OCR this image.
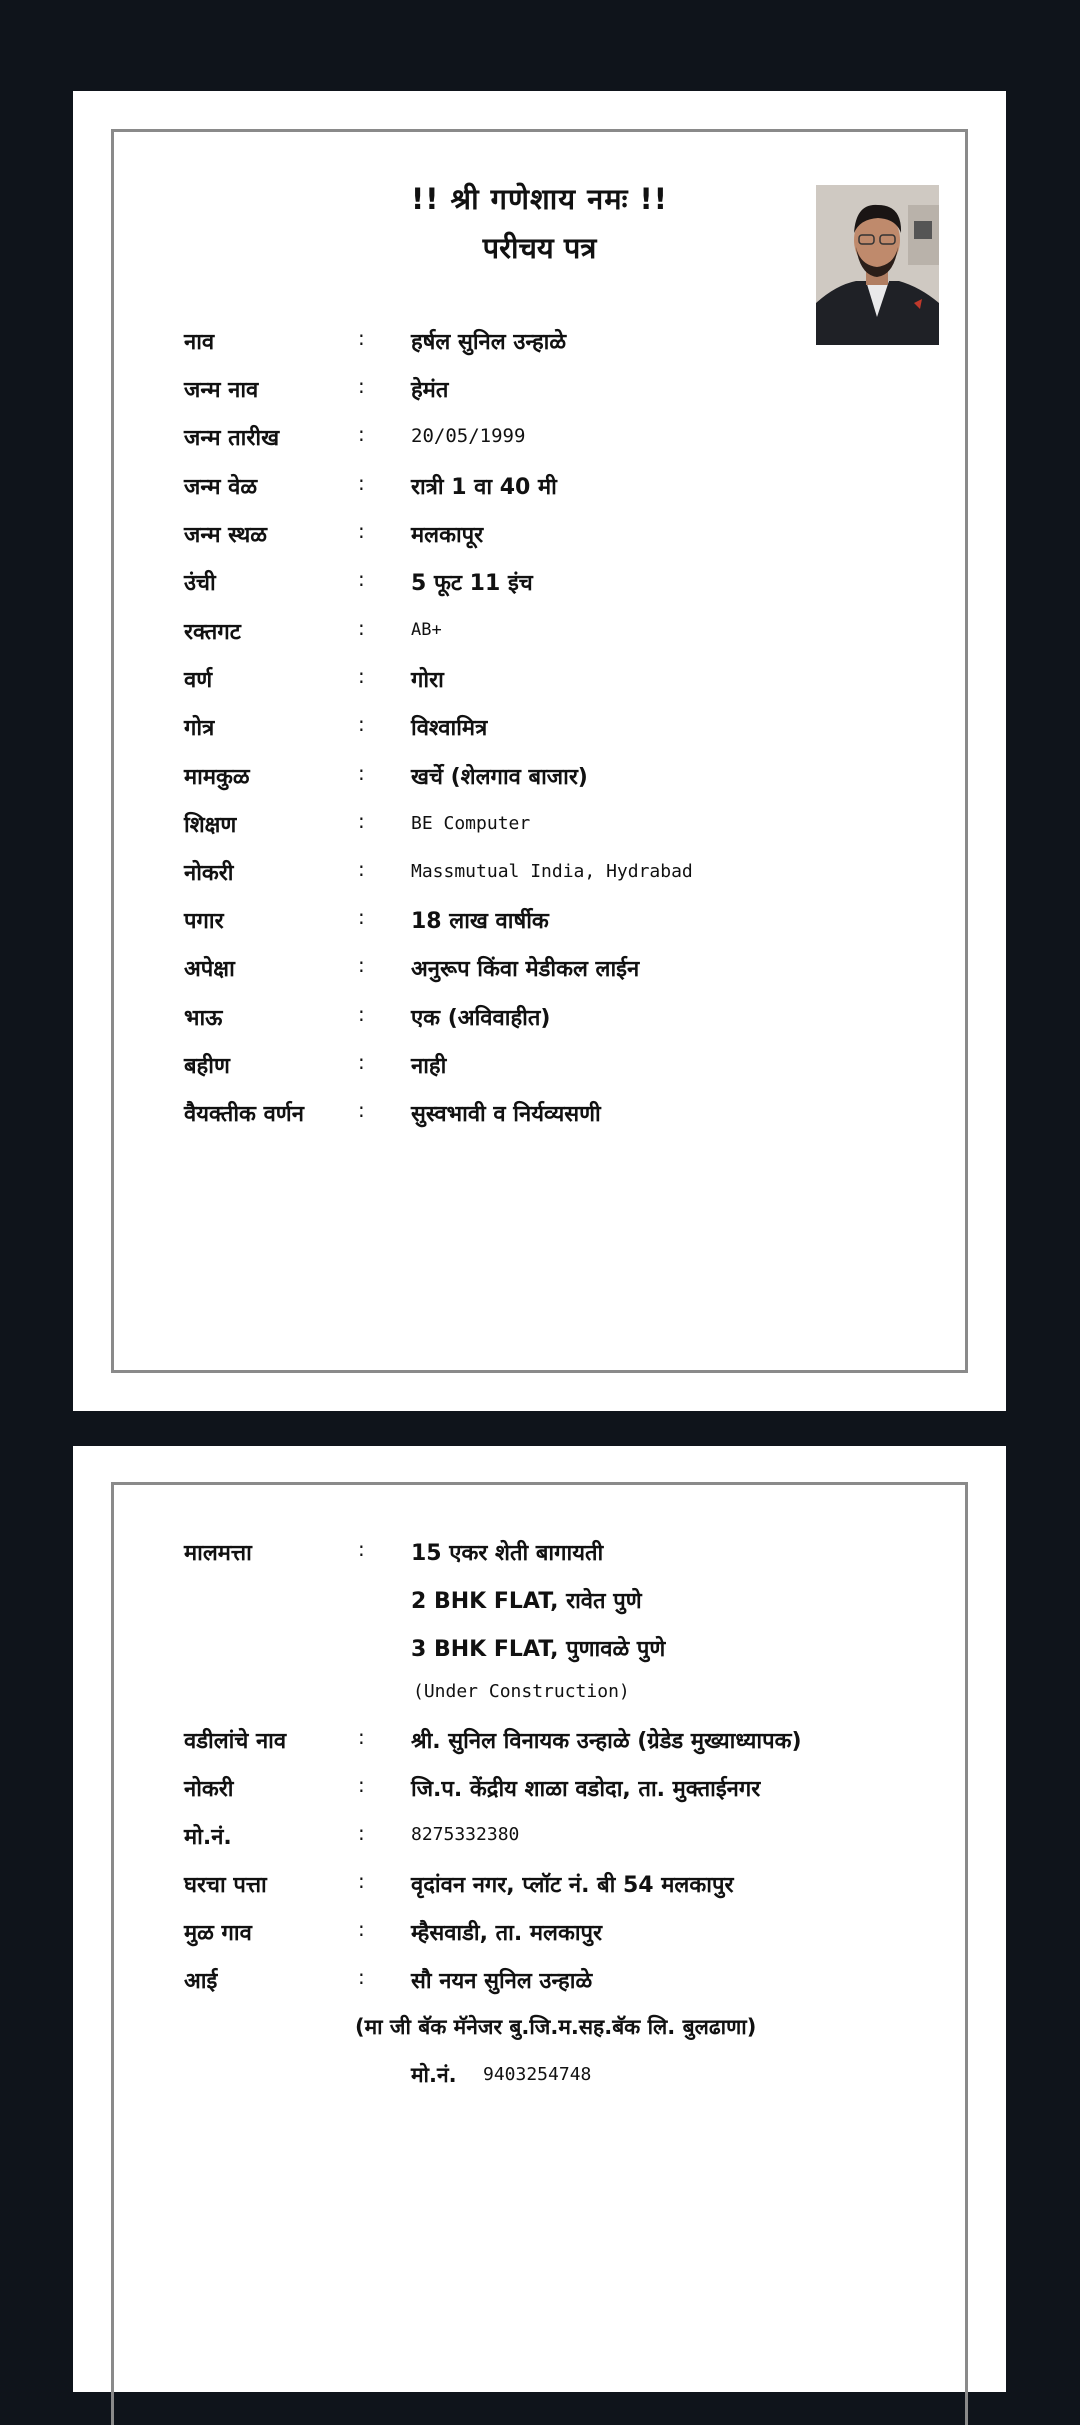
!! श्री गणेशाय नमः !!
परीचय पत्र
नाव	: हर्षल सुनिल उन्हाळे
जन्म नाव	: हेमंत
जन्म तारीख	: 20/05/1999
जन्म वेळ	: रात्री 1 वा 40 मी
जन्म स्थळ	: मलकापूर
उंची	: 5 फूट 11 इंच
रक्तगट	:	AB+
वर्ण	: गोरा
गोत्र	: विश्वामित्र
मामकुळ	: खर्चे (शेलगाव बाजार)
शिक्षण	:	BE Computer
नोकरी	:	Massmutual India, Hydrabad
पगार	: 18 लाख वार्षीक
अपेक्षा	: अनुरूप किंवा मेडीकल लाईन
भाऊ	: एक (अविवाहीत)
बहीण	: नाही
वैयक्तीक वर्णन	: सुस्वभावी व निर्यव्यसणी
मालमत्ता	: 15 एकर शेती बागायती
2 BHK FLAT, रावेत पुणे
3 BHK FLAT, पुणावळे पुणे
(Under Construction)
वडीलांचे नाव	: श्री. सुनिल विनायक उन्हाळे (ग्रेडेड मुख्याध्यापक)
नोकरी	: जि.प. केंद्रीय शाळा वडोदा, ता. मुक्ताईनगर
मो.नं.	:	8275332380
घरचा पत्ता	: वृदांवन नगर, प्लॉट नं. बी 54 मलकापुर
मुळ गाव	: म्हैसवाडी, ता. मलकापुर
आई	: सौ नयन सुनिल उन्हाळे
(मा जी बॅक मॅनेजर बु.जि.म.सह.बॅक लि. बुलढाणा)
मो.नं. 9403254748
